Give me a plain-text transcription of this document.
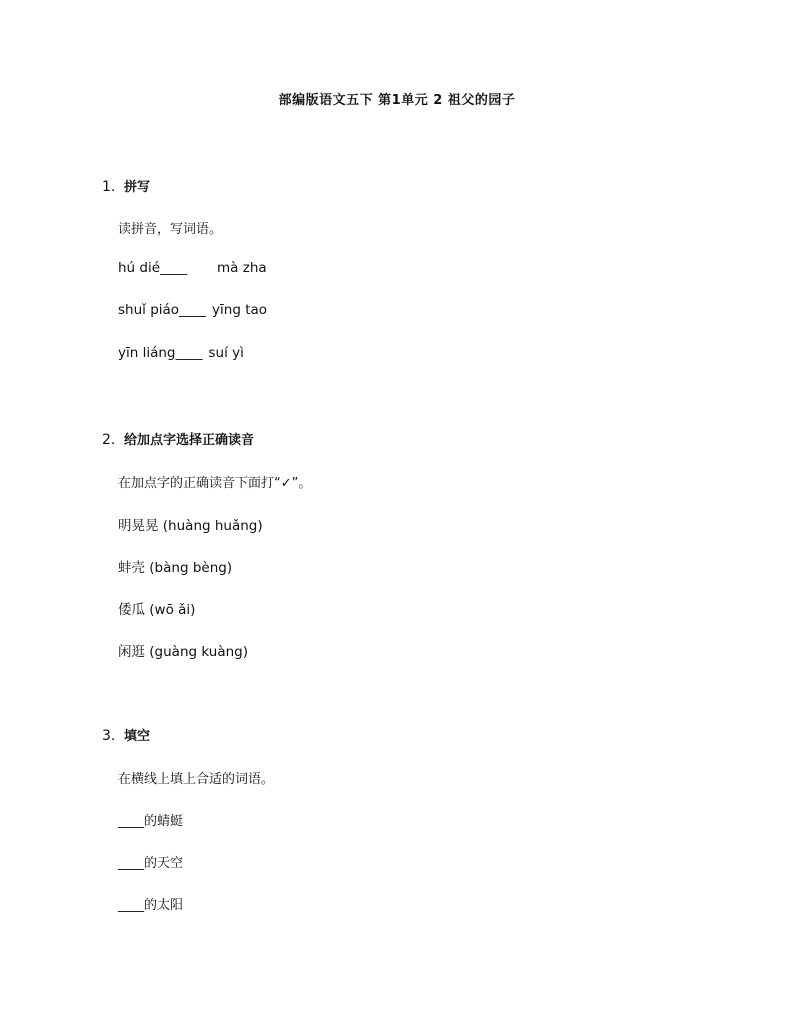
部编版语文五下 第1单元 2 祖父的园子
1. 拼写
读拼音，写词语。
hú dié____ mà zha
shuǐ piáo____ yīng tao
yīn liáng____ suí yì
2. 给加点字选择正确读音
在加点字的正确读音下面打“✓”。
明晃晃 (huàng huǎng)
蚌壳 (bàng bèng)
倭瓜 (wō ǎi)
闲逛 (guàng kuàng)
3. 填空
在横线上填上合适的词语。
____的蜻蜓
____的天空
____的太阳
